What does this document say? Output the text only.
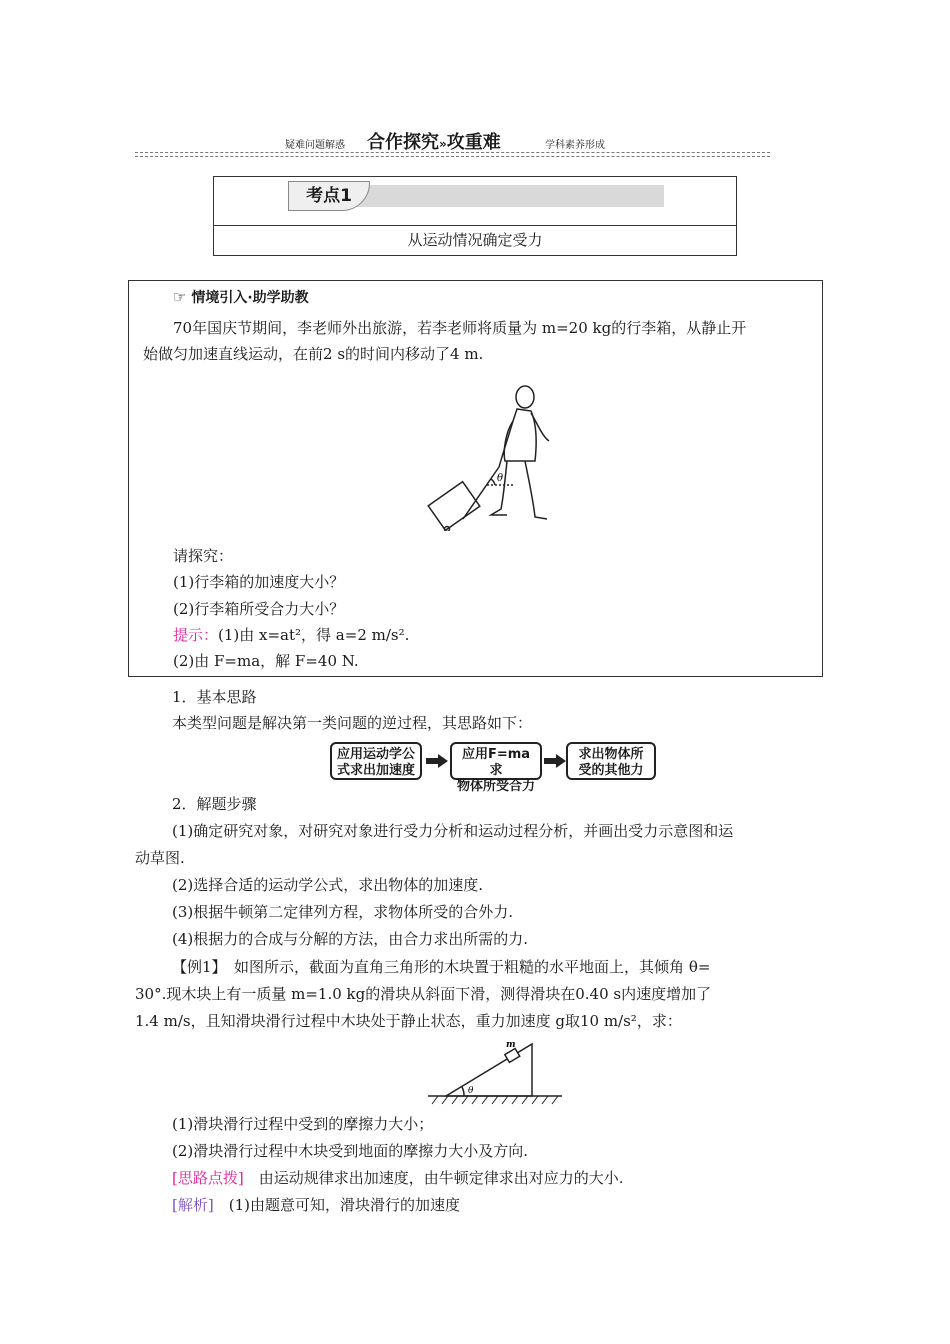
疑难问题解惑 合作探究»攻重难	学科素养形成
考点1
从运动情况确定受力
☞ 情境引入·助学助教
70年国庆节期间，李老师外出旅游，若李老师将质量为 m=20 kg的行李箱，从静止开
始做匀加速直线运动，在前2 s的时间内移动了4 m.
θ
请探究：
(1)行李箱的加速度大小？
(2)行李箱所受合力大小？
提示：(1)由 x=at²，得 a=2 m/s².
(2)由 F=ma，解 F=40 N.
1．基本思路
本类型问题是解决第一类问题的逆过程，其思路如下：
应用运动学公
式求出加速度
应用F=ma求
物体所受合力
求出物体所
受的其他力
2．解题步骤
(1)确定研究对象，对研究对象进行受力分析和运动过程分析，并画出受力示意图和运
动草图.
(2)选择合适的运动学公式，求出物体的加速度.
(3)根据牛顿第二定律列方程，求物体所受的合外力.
(4)根据力的合成与分解的方法，由合力求出所需的力.
【例1】　如图所示，截面为直角三角形的木块置于粗糙的水平地面上，其倾角 θ=
30°.现木块上有一质量 m=1.0 kg的滑块从斜面下滑，测得滑块在0.40 s内速度增加了
1.4 m/s，且知滑块滑行过程中木块处于静止状态，重力加速度 g取10 m/s²，求：
m
θ
(1)滑块滑行过程中受到的摩擦力大小；
(2)滑块滑行过程中木块受到地面的摩擦力大小及方向.
[思路点拨]　 由运动规律求出加速度，由牛顿定律求出对应力的大小.
[解析]　 (1)由题意可知，滑块滑行的加速度
